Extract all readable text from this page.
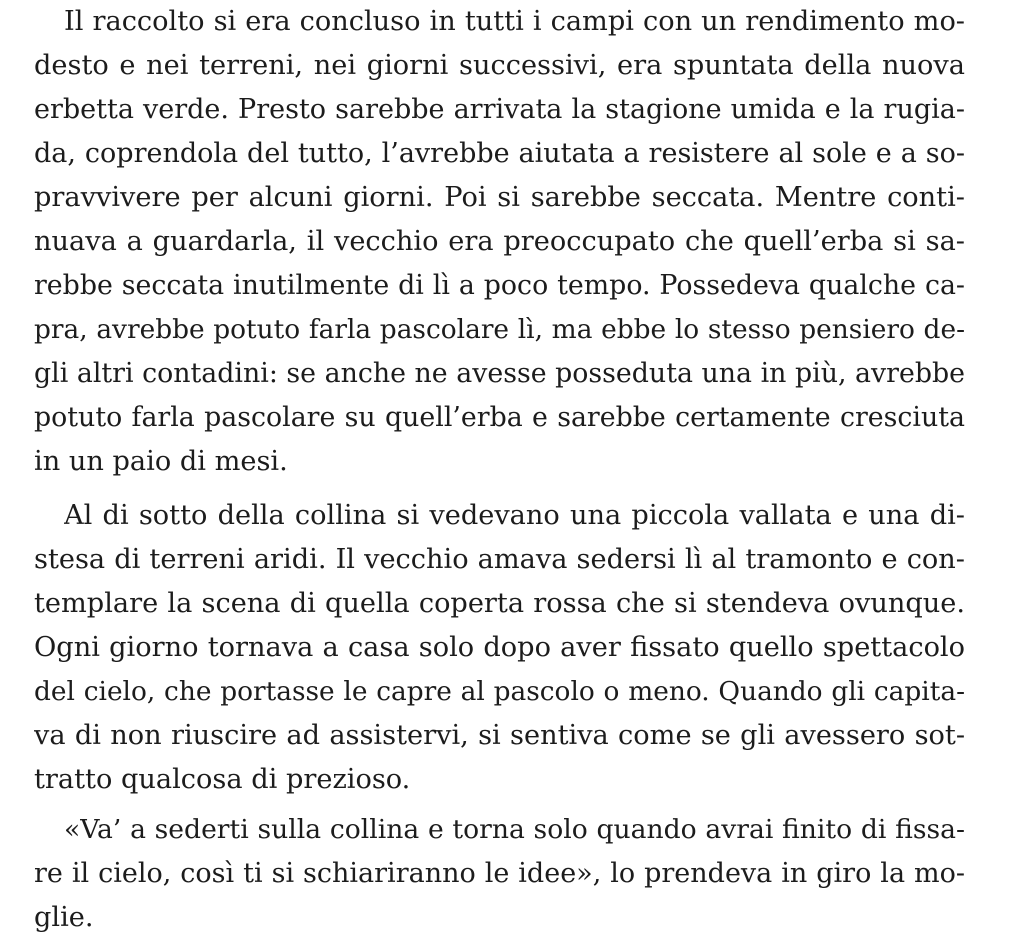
Il raccolto si era concluso in tutti i campi con un rendimento mo-
desto e nei terreni, nei giorni successivi, era spuntata della nuova
erbetta verde. Presto sarebbe arrivata la stagione umida e la rugia-
da, coprendola del tutto, l’avrebbe aiutata a resistere al sole e a so-
pravvivere per alcuni giorni. Poi si sarebbe seccata. Mentre conti-
nuava a guardarla, il vecchio era preoccupato che quell’erba si sa-
rebbe seccata inutilmente di lì a poco tempo. Possedeva qualche ca-
pra, avrebbe potuto farla pascolare lì, ma ebbe lo stesso pensiero de-
gli altri contadini: se anche ne avesse posseduta una in più, avrebbe
potuto farla pascolare su quell’erba e sarebbe certamente cresciuta
in un paio di mesi.
Al di sotto della collina si vedevano una piccola vallata e una di-
stesa di terreni aridi. Il vecchio amava sedersi lì al tramonto e con-
templare la scena di quella coperta rossa che si stendeva ovunque.
Ogni giorno tornava a casa solo dopo aver fissato quello spettacolo
del cielo, che portasse le capre al pascolo o meno. Quando gli capita-
va di non riuscire ad assistervi, si sentiva come se gli avessero sot-
tratto qualcosa di prezioso.
«Va’ a sederti sulla collina e torna solo quando avrai finito di fissa-
re il cielo, così ti si schiariranno le idee», lo prendeva in giro la mo-
glie.
